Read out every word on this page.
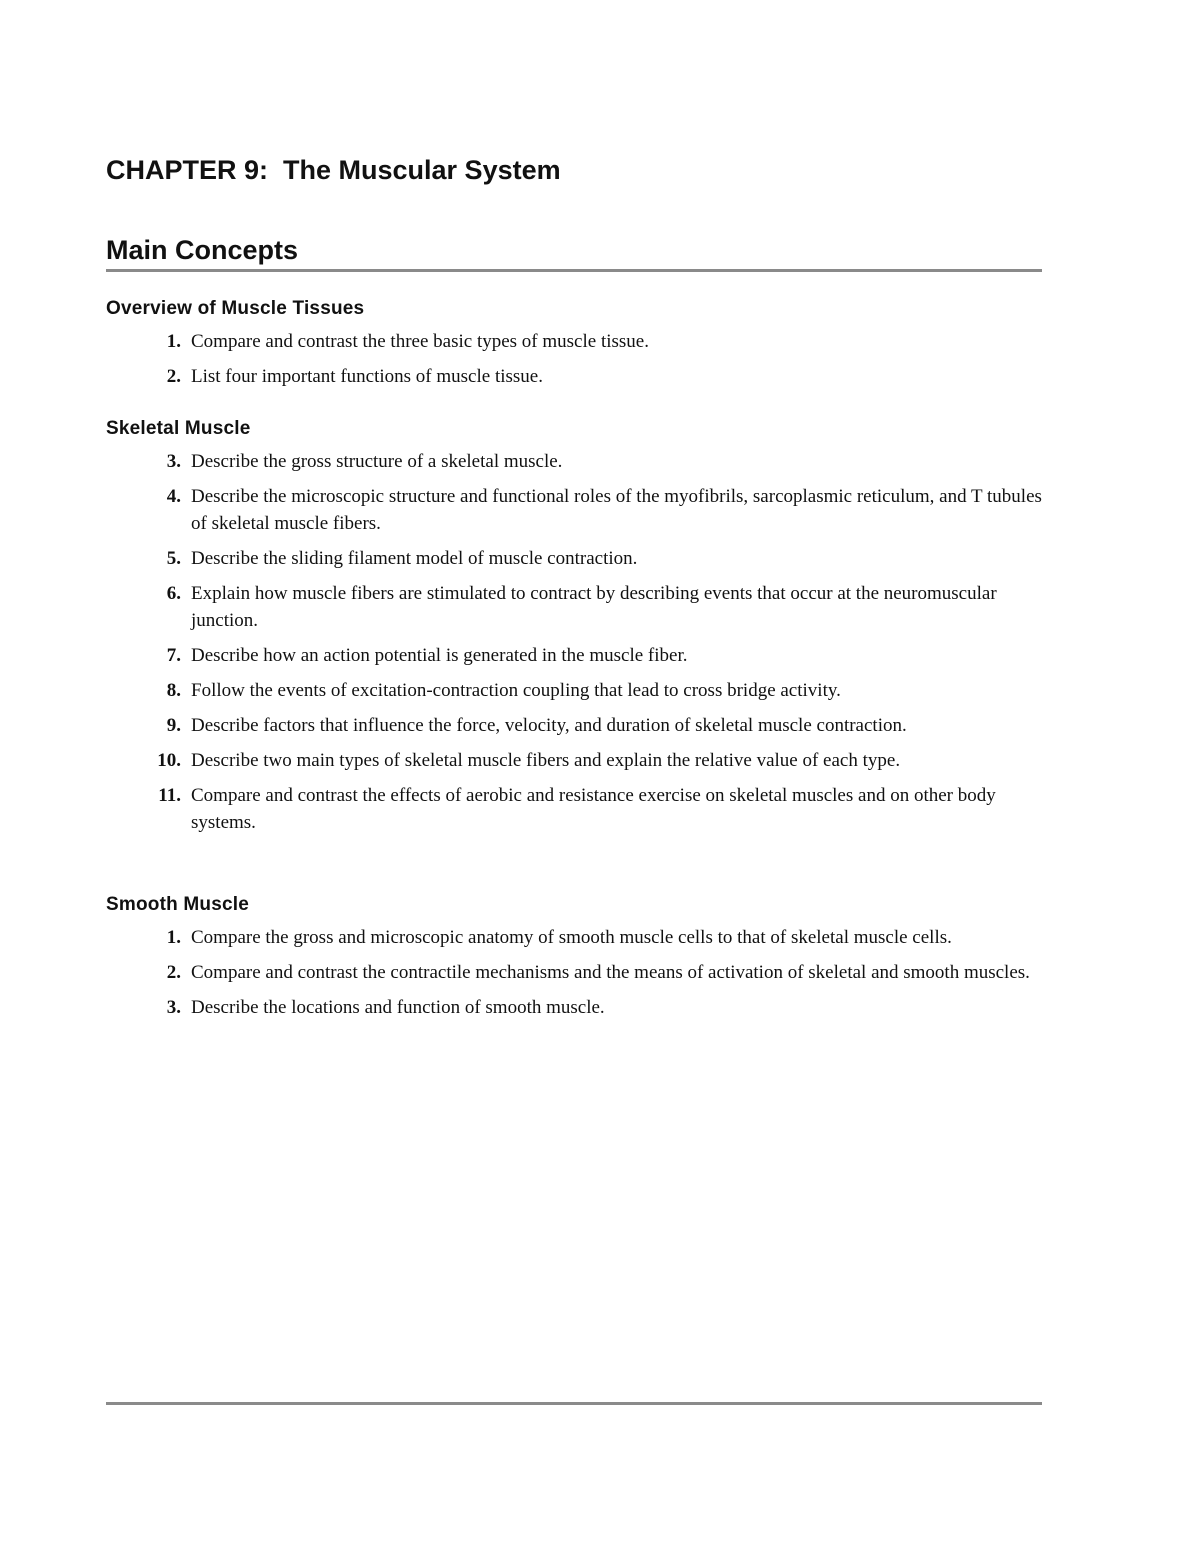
CHAPTER 9:  The Muscular System
Main Concepts
Overview of Muscle Tissues
1. Compare and contrast the three basic types of muscle tissue.
2. List four important functions of muscle tissue.
Skeletal Muscle
3. Describe the gross structure of a skeletal muscle.
4. Describe the microscopic structure and functional roles of the myofibrils, sarcoplasmic reticulum, and T tubules of skeletal muscle fibers.
5. Describe the sliding filament model of muscle contraction.
6. Explain how muscle fibers are stimulated to contract by describing events that occur at the neuromuscular junction.
7. Describe how an action potential is generated in the muscle fiber.
8. Follow the events of excitation-contraction coupling that lead to cross bridge activity.
9. Describe factors that influence the force, velocity, and duration of skeletal muscle contraction.
10. Describe two main types of skeletal muscle fibers and explain the relative value of each type.
11. Compare and contrast the effects of aerobic and resistance exercise on skeletal muscles and on other body systems.
Smooth Muscle
1. Compare the gross and microscopic anatomy of smooth muscle cells to that of skeletal muscle cells.
2. Compare and contrast the contractile mechanisms and the means of activation of skeletal and smooth muscles.
3. Describe the locations and function of smooth muscle.
